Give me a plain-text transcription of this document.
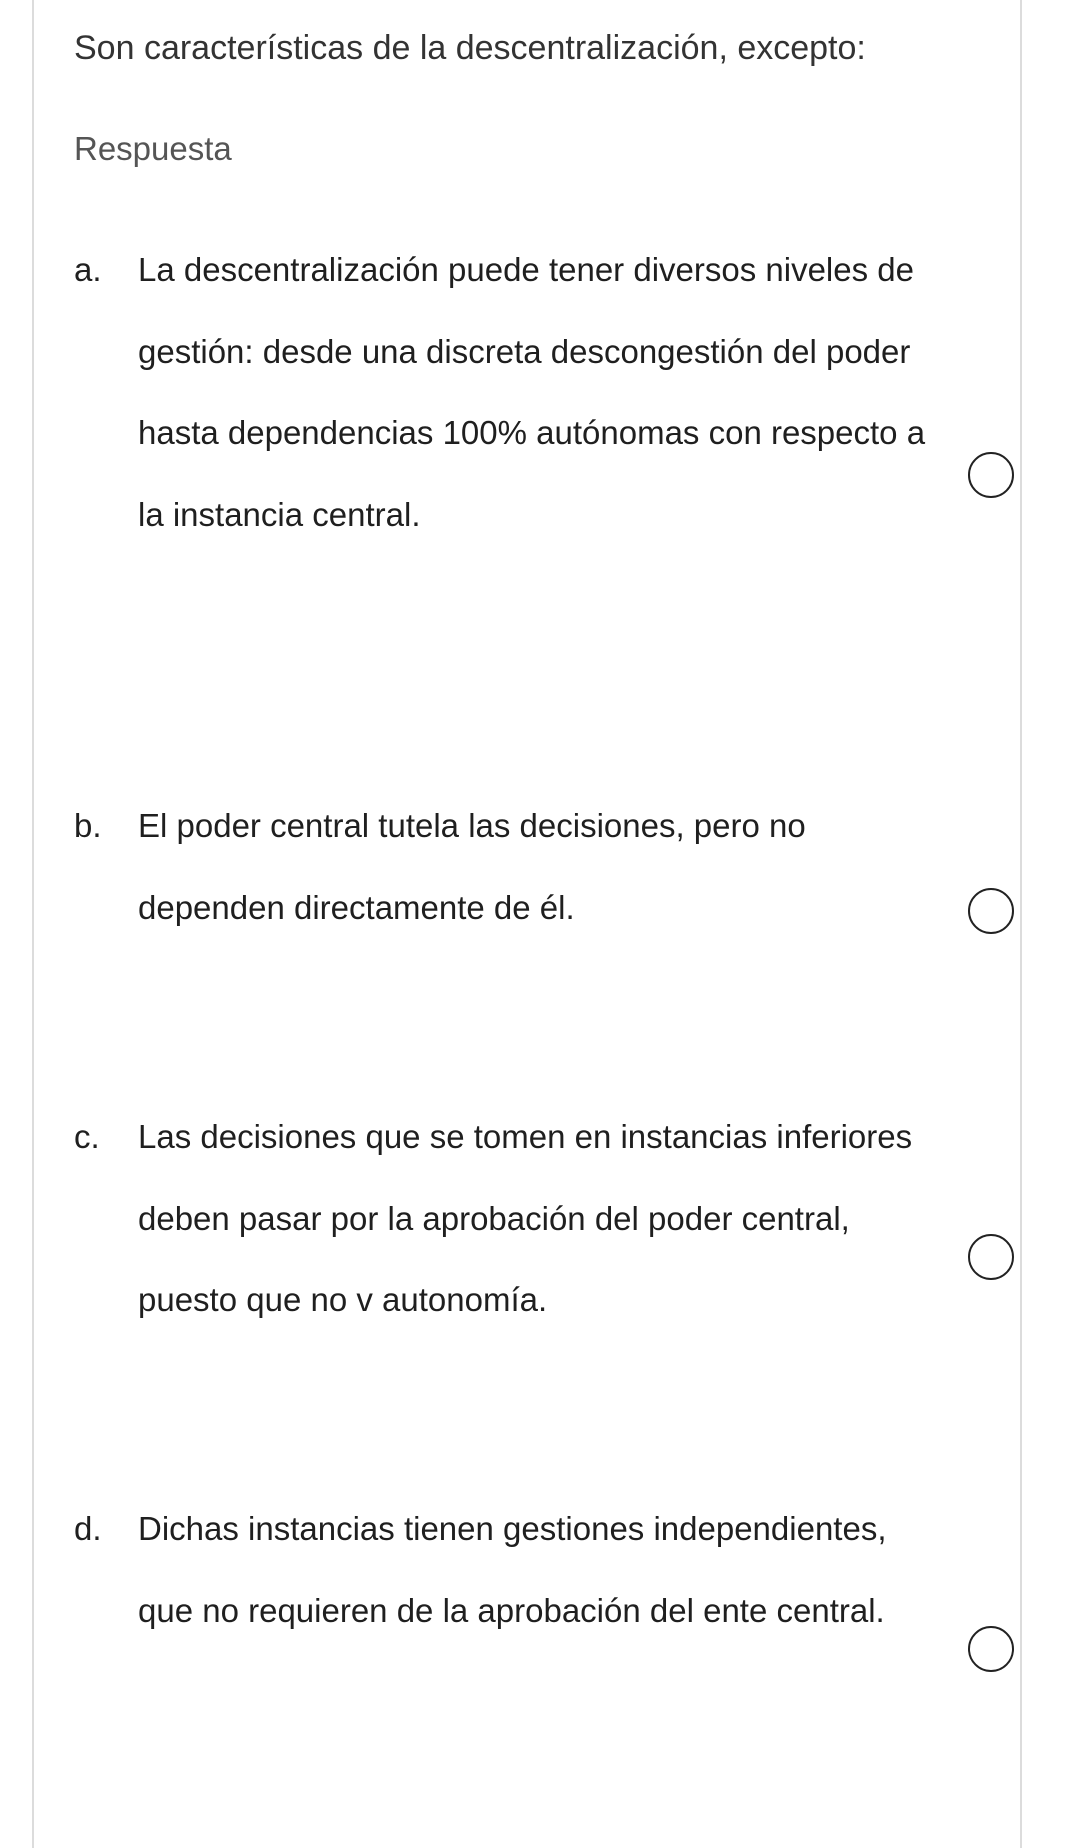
Son características de la descentralización, excepto:
Respuesta
a. La descentralización puede tener diversos niveles de gestión: desde una discreta descongestión del poder hasta dependencias 100% autónomas con respecto a la instancia central.
b. El poder central tutela las decisiones, pero no dependen directamente de él.
c. Las decisiones que se tomen en instancias inferiores deben pasar por la aprobación del poder central, puesto que no v autonomía.
d. Dichas instancias tienen gestiones independientes, que no requieren de la aprobación del ente central.
